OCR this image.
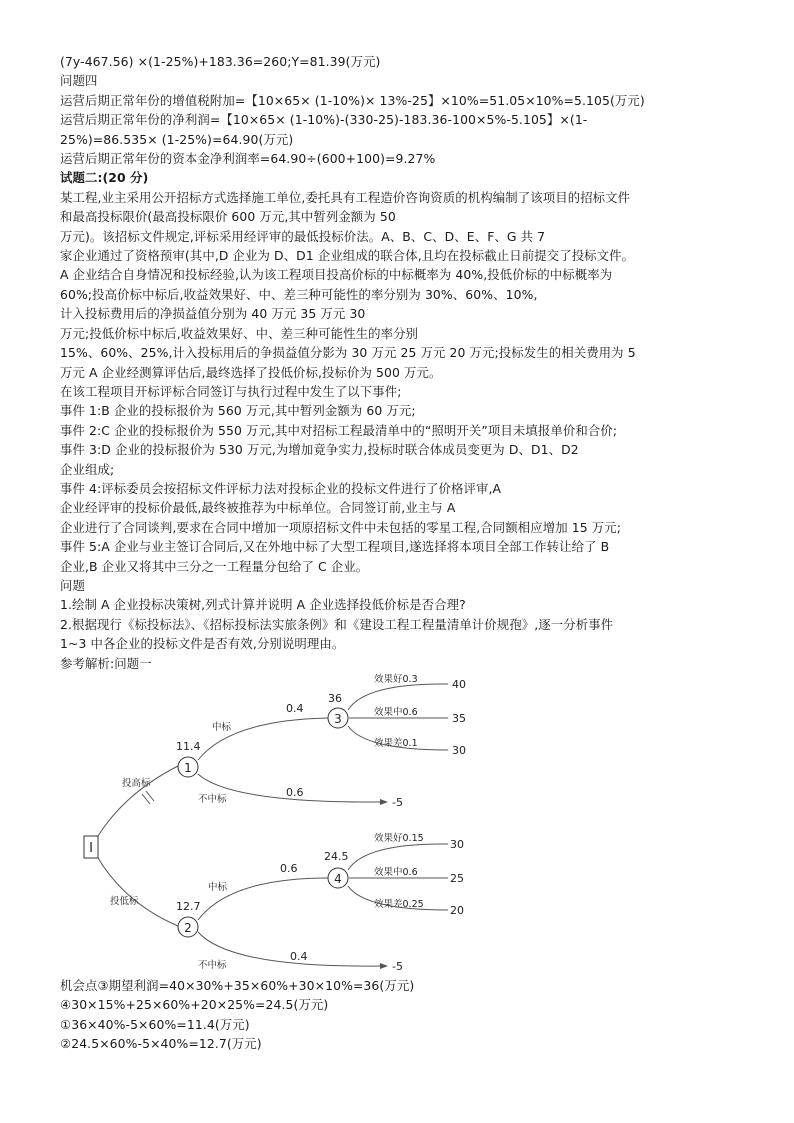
(7y-467.56) ×(1-25%)+183.36=260;Y=81.39(万元)
问题四
运营后期正常年份的增值税附加=【10×65× (1-10%)× 13%-25】×10%=51.05×10%=5.105(万元)
运营后期正常年份的净利润=【10×65× (1-10%)-(330-25)-183.36-100×5%-5.105】×(1-
25%)=86.535× (1-25%)=64.90(万元)
运营后期正常年份的资本金净利润率=64.90÷(600+100)=9.27%
试题二:(20 分)
某工程,业主采用公开招标方式选择施工单位,委托具有工程造价咨询资质的机构编制了该项目的招标文件
和最高投标限价(最高投标限价 600 万元,其中暂列金额为 50
万元)。该招标文件规定,评标采用经评审的最低投标价法。A、B、C、D、E、F、G 共 7
家企业通过了资格预审(其中,D 企业为 D、D1 企业组成的联合体,且均在投标截止日前提交了投标文件。
A 企业结合自身情况和投标经验,认为该工程项目投高价标的中标概率为 40%,投低价标的中标概率为
60%;投高价标中标后,收益效果好、中、差三种可能性的率分别为 30%、60%、10%,
计入投标费用后的净损益值分别为 40 万元 35 万元 30
万元;投低价标中标后,收益效果好、中、差三种可能性生的率分别
15%、60%、25%,计入投标用后的争损益值分影为 30 万元 25 万元 20 万元;投标发生的相关费用为 5
万元 A 企业经测算评估后,最终选择了投低价标,投标价为 500 万元。
在该工程项目开标评标合同签订与执行过程中发生了以下事件;
事件 1:B 企业的投标报价为 560 万元,其中暂列金额为 60 万元;
事件 2:C 企业的投标报价为 550 万元,其中对招标工程最清单中的“照明开关”项目未填报单价和合价;
事件 3:D 企业的投标报价为 530 万元,为增加竟争实力,投标时联合体成员变更为 D、D1、D2
企业组成;
事件 4:评标委员会按招标文件评标力法对投标企业的投标文件进行了价格评审,A
企业经评审的投标价最低,最终被推荐为中标单位。合同签订前,业主与 A
企业进行了合同谈判,要求在合同中增加一项原招标文件中未包括的零星工程,合同额相应增加 15 万元;
事件 5:A 企业与业主签订合同后,又在外地中标了大型工程项目,遂选择将本项目全部工作转让给了 B
企业,B 企业又将其中三分之一工程量分包给了 C 企业。
问题
1.绘制 A 企业投标决策树,列式计算并说明 A 企业选择投低价标是否合理?
2.根据现行《标投标法》、《招标投标法实旅条例》和《建设工程工程量清单计价规孢》,逐一分析事件
1~3 中各企业的投标文件是否有效,分别说明理由。
参考解析:问题一
I
1
2
3
4
11.4
12.7
36
24.5
投高标
投低标
中标
不中标
中标
不中标
0.4
0.6
0.6
0.4
效果好0.3
效果中0.6
效果差0.1
效果好0.15
效果中0.6
效果差0.25
40
35
30
30
25
20
-5
-5
机会点③期望利润=40×30%+35×60%+30×10%=36(万元)
④30×15%+25×60%+20×25%=24.5(万元)
①36×40%-5×60%=11.4(万元)
②24.5×60%-5×40%=12.7(万元)
